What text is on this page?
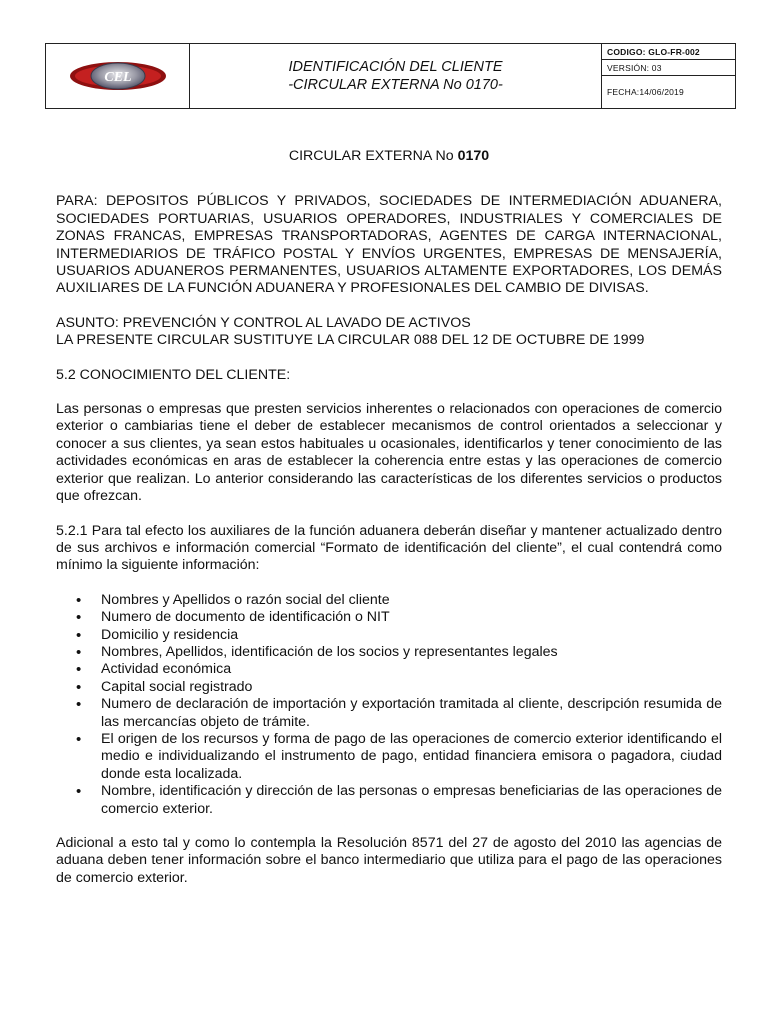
CEL
IDENTIFICACIÓN DEL CLIENTE
-CIRCULAR EXTERNA No 0170-
CODIGO: GLO-FR-002
VERSIÓN: 03
FECHA:14/06/2019
CIRCULAR EXTERNA No 0170

PARA: DEPOSITOS PÚBLICOS Y PRIVADOS, SOCIEDADES DE INTERMEDIACIÓN ADUANERA, SOCIEDADES PORTUARIAS, USUARIOS OPERADORES, INDUSTRIALES Y COMERCIALES DE ZONAS FRANCAS, EMPRESAS TRANSPORTADORAS, AGENTES DE CARGA INTERNACIONAL, INTERMEDIARIOS DE TRÁFICO POSTAL Y ENVÍOS URGENTES, EMPRESAS DE MENSAJERÍA, USUARIOS ADUANEROS PERMANENTES, USUARIOS ALTAMENTE EXPORTADORES, LOS DEMÁS AUXILIARES DE LA FUNCIÓN ADUANERA Y PROFESIONALES DEL CAMBIO DE DIVISAS.

ASUNTO: PREVENCIÓN Y CONTROL AL LAVADO DE ACTIVOS

LA PRESENTE CIRCULAR SUSTITUYE LA CIRCULAR 088 DEL 12 DE OCTUBRE DE 1999

5.2 CONOCIMIENTO DEL CLIENTE:

Las personas o empresas que presten servicios inherentes o relacionados con operaciones de comercio exterior o cambiarias tiene el deber de establecer mecanismos de control orientados a seleccionar y conocer a sus clientes, ya sean estos habituales u ocasionales, identificarlos y tener conocimiento de las actividades económicas en aras de establecer la coherencia entre estas y las operaciones de comercio exterior que realizan. Lo anterior considerando las características de los diferentes servicios o productos que ofrezcan.

5.2.1 Para tal efecto los auxiliares de la función aduanera deberán diseñar y mantener actualizado dentro de sus archivos e información comercial “Formato de identificación del cliente”, el cual contendrá como mínimo la siguiente información:

• Nombres y Apellidos o razón social del cliente
• Numero de documento de identificación o NIT
• Domicilio y residencia
• Nombres, Apellidos, identificación de los socios y representantes legales
• Actividad económica
• Capital social registrado
• Numero de declaración de importación y exportación tramitada al cliente, descripción resumida de las mercancías objeto de trámite.
• El origen de los recursos y forma de pago de las operaciones de comercio exterior identificando el medio e individualizando el instrumento de pago, entidad financiera emisora o pagadora, ciudad donde esta localizada.
• Nombre, identificación y dirección de las personas o empresas beneficiarias de las operaciones de comercio exterior.

Adicional a esto tal y como lo contempla la Resolución 8571 del 27 de agosto del 2010 las agencias de aduana deben tener información sobre el banco intermediario que utiliza para el pago de las operaciones de comercio exterior.
